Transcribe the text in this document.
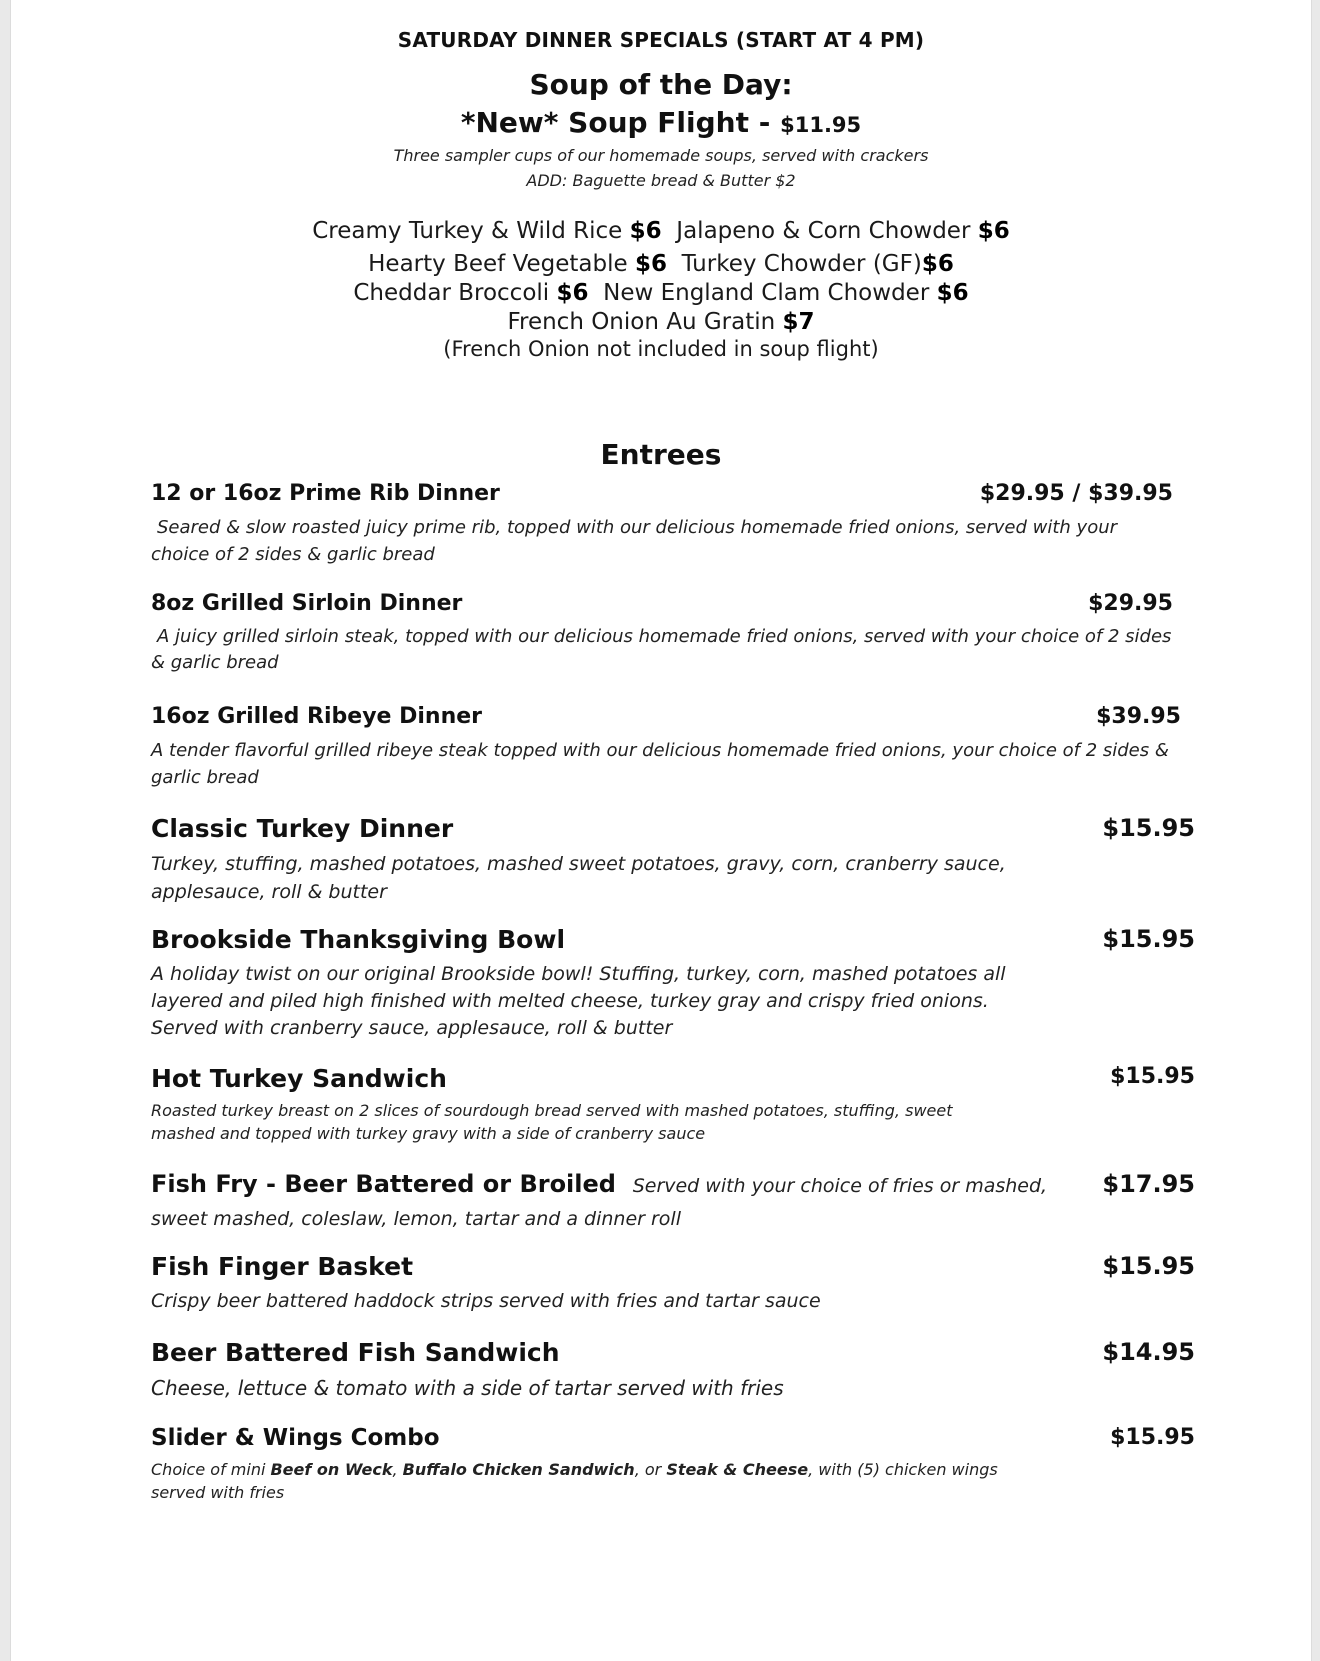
SATURDAY DINNER SPECIALS (START AT 4 PM)
Soup of the Day:
*New* Soup Flight - $11.95
Three sampler cups of our homemade soups, served with crackers
ADD: Baguette bread & Butter $2
Creamy Turkey & Wild Rice $6 Jalapeno & Corn Chowder $6
Hearty Beef Vegetable $6 Turkey Chowder (GF)$6
Cheddar Broccoli $6 New England Clam Chowder $6
French Onion Au Gratin $7
(French Onion not included in soup flight)
Entrees
12 or 16oz Prime Rib Dinner	$29.95 / $39.95
Seared & slow roasted juicy prime rib, topped with our delicious homemade fried onions, served with your choice of 2 sides & garlic bread
8oz Grilled Sirloin Dinner	$29.95
A juicy grilled sirloin steak, topped with our delicious homemade fried onions, served with your choice of 2 sides & garlic bread
16oz Grilled Ribeye Dinner	$39.95
A tender flavorful grilled ribeye steak topped with our delicious homemade fried onions, your choice of 2 sides & garlic bread
Classic Turkey Dinner	$15.95
Turkey, stuffing, mashed potatoes, mashed sweet potatoes, gravy, corn, cranberry sauce, applesauce, roll & butter
Brookside Thanksgiving Bowl	$15.95
A holiday twist on our original Brookside bowl! Stuffing, turkey, corn, mashed potatoes all layered and piled high finished with melted cheese, turkey gray and crispy fried onions. Served with cranberry sauce, applesauce, roll & butter
Hot Turkey Sandwich	$15.95
Roasted turkey breast on 2 slices of sourdough bread served with mashed potatoes, stuffing, sweet mashed and topped with turkey gravy with a side of cranberry sauce
Fish Fry - Beer Battered or Broiled Served with your choice of fries or mashed, $17.95
sweet mashed, coleslaw, lemon, tartar and a dinner roll
Fish Finger Basket	$15.95
Crispy beer battered haddock strips served with fries and tartar sauce
Beer Battered Fish Sandwich	$14.95
Cheese, lettuce & tomato with a side of tartar served with fries
Slider & Wings Combo	$15.95
Choice of mini Beef on Weck, Buffalo Chicken Sandwich, or Steak & Cheese, with (5) chicken wings served with fries
